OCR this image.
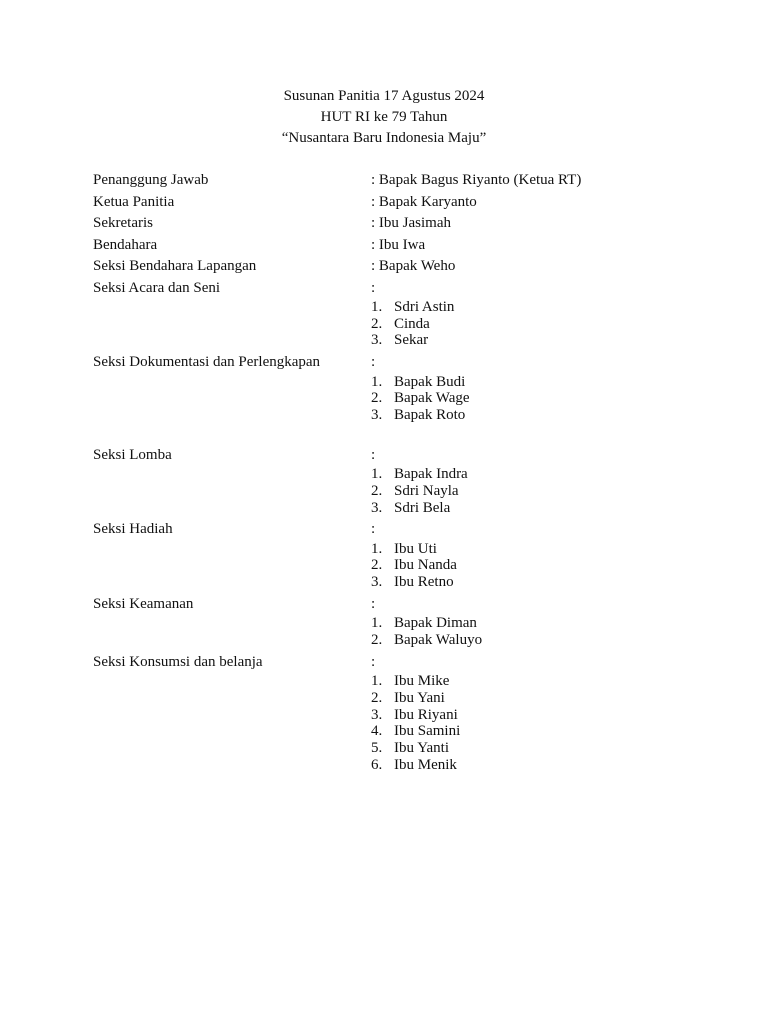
Susunan Panitia 17 Agustus 2024
HUT RI ke 79 Tahun
“Nusantara Baru Indonesia Maju”
Penanggung Jawab	: Bapak Bagus Riyanto (Ketua RT)
Ketua Panitia	: Bapak Karyanto
Sekretaris	: Ibu Jasimah
Bendahara	: Ibu Iwa
Seksi Bendahara Lapangan	: Bapak Weho
Seksi Acara dan Seni	:
1. Sdri Astin
2. Cinda
3. Sekar
Seksi Dokumentasi dan Perlengkapan	:
1. Bapak Budi
2. Bapak Wage
3. Bapak Roto
Seksi Lomba	:
1. Bapak Indra
2. Sdri Nayla
3. Sdri Bela
Seksi Hadiah	:
1. Ibu Uti
2. Ibu Nanda
3. Ibu Retno
Seksi Keamanan	:
1. Bapak Diman
2. Bapak Waluyo
Seksi Konsumsi dan belanja	:
1. Ibu Mike
2. Ibu Yani
3. Ibu Riyani
4. Ibu Samini
5. Ibu Yanti
6. Ibu Menik
